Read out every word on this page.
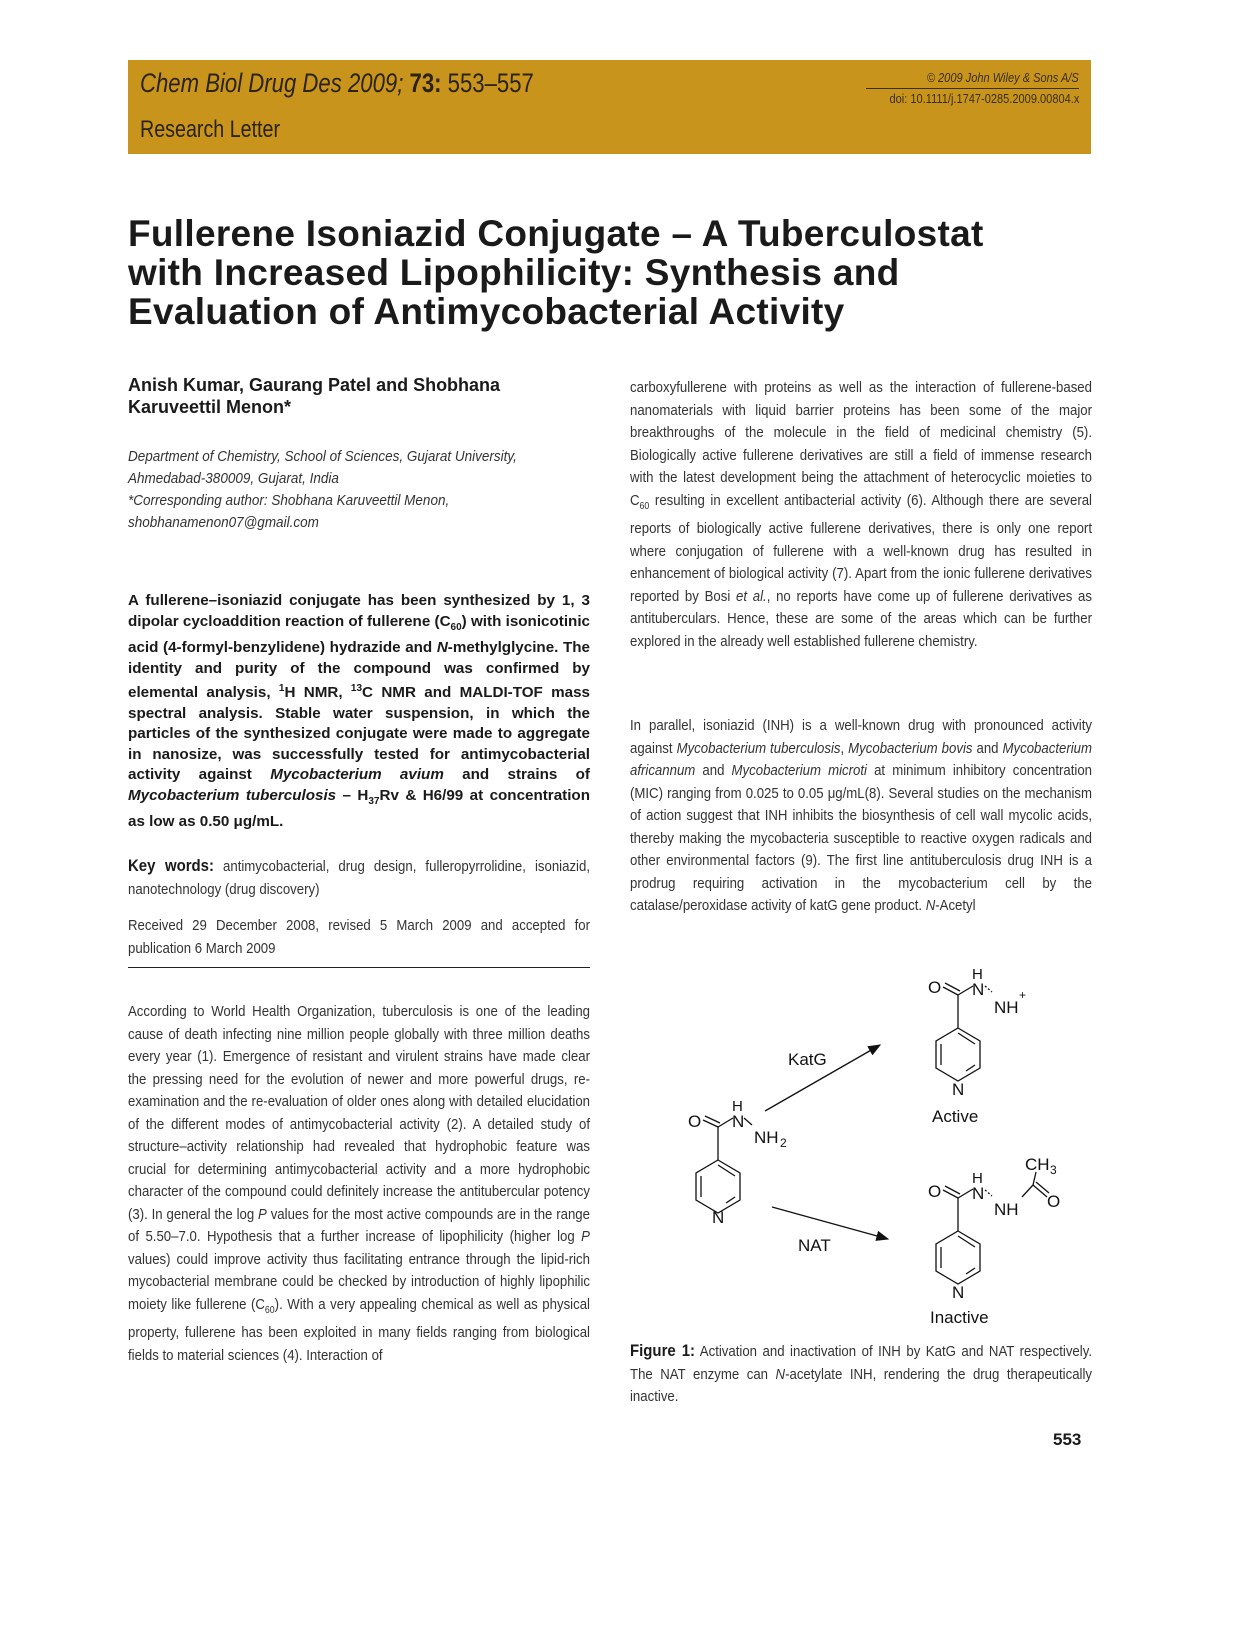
Chem Biol Drug Des 2009; 73: 553–557
Research Letter
© 2009 John Wiley & Sons A/S
doi: 10.1111/j.1747-0285.2009.00804.x
Fullerene Isoniazid Conjugate – A Tuberculostat
with Increased Lipophilicity: Synthesis and
Evaluation of Antimycobacterial Activity
Anish Kumar, Gaurang Patel and Shobhana
Karuveettil Menon*
Department of Chemistry, School of Sciences, Gujarat University,
Ahmedabad-380009, Gujarat, India
*Corresponding author: Shobhana Karuveettil Menon,
shobhanamenon07@gmail.com
A fullerene–isoniazid conjugate has been synthesized by 1, 3 dipolar cycloaddition reaction of fullerene $(C_{60})$ with isonicotinic acid (4-formyl-benzylidene) hydrazide and N-methylglycine. The identity and purity of the compound was confirmed by elemental analysis, $^1$H NMR, $^{13}$C NMR and MALDI-TOF mass spectral analysis. Stable water suspension, in which the particles of the synthesized conjugate were made to aggregate in nanosize, was successfully tested for antimycobacterial activity against Mycobacterium avium and strains of Mycobacterium tuberculosis – $H_{37}Rv$ & H6/99 at concentration as low as 0.50 μg/mL.
Key words: antimycobacterial, drug design, fulleropyrrolidine, isoniazid, nanotechnology (drug discovery)
Received 29 December 2008, revised 5 March 2009 and accepted for publication 6 March 2009
According to World Health Organization, tuberculosis is one of the leading cause of death infecting nine million people globally with three million deaths every year (1). Emergence of resistant and virulent strains have made clear the pressing need for the evolution of newer and more powerful drugs, re-examination and the re-evaluation of older ones along with detailed elucidation of the different modes of antimycobacterial activity (2). A detailed study of structure–activity relationship had revealed that hydrophobic feature was crucial for determining antimycobacterial activity and a more hydrophobic character of the compound could definitely increase the antitubercular potency (3). In general the log P values for the most active compounds are in the range of 5.50–7.0. Hypothesis that a further increase of lipophilicity (higher log P values) could improve activity thus facilitating entrance through the lipid-rich mycobacterial membrane could be checked by introduction of highly lipophilic moiety like fullerene $(C_{60})$. With a very appealing chemical as well as physical property, fullerene has been exploited in many fields ranging from biological fields to material sciences (4). Interaction of
carboxyfullerene with proteins as well as the interaction of fullerene-based nanomaterials with liquid barrier proteins has been some of the major breakthroughs of the molecule in the field of medicinal chemistry (5). Biologically active fullerene derivatives are still a field of immense research with the latest development being the attachment of heterocyclic moieties to $C_{60}$ resulting in excellent antibacterial activity (6). Although there are several reports of biologically active fullerene derivatives, there is only one report where conjugation of fullerene with a well-known drug has resulted in enhancement of biological activity (7). Apart from the ionic fullerene derivatives reported by Bosi et al., no reports have come up of fullerene derivatives as antituberculars. Hence, these are some of the areas which can be further explored in the already well established fullerene chemistry.
In parallel, isoniazid (INH) is a well-known drug with pronounced activity against Mycobacterium tuberculosis, Mycobacterium bovis and Mycobacterium africannum and Mycobacterium microti at minimum inhibitory concentration (MIC) ranging from 0.025 to 0.05 μg/mL(8). Several studies on the mechanism of action suggest that INH inhibits the biosynthesis of cell wall mycolic acids, thereby making the mycobacteria susceptible to reactive oxygen radicals and other environmental factors (9). The first line antituberculosis drug INH is a prodrug requiring activation in the mycobacterium cell by the catalase/peroxidase activity of katG gene product. N-Acetyl
O
H
N
NH 2
N
O
H
N
NH
+
N
Active
O
H
N
NH
CH 3
O
N
Inactive
KatG
NAT
Figure 1: Activation and inactivation of INH by KatG and NAT respectively. The NAT enzyme can N-acetylate INH, rendering the drug therapeutically inactive.
553
